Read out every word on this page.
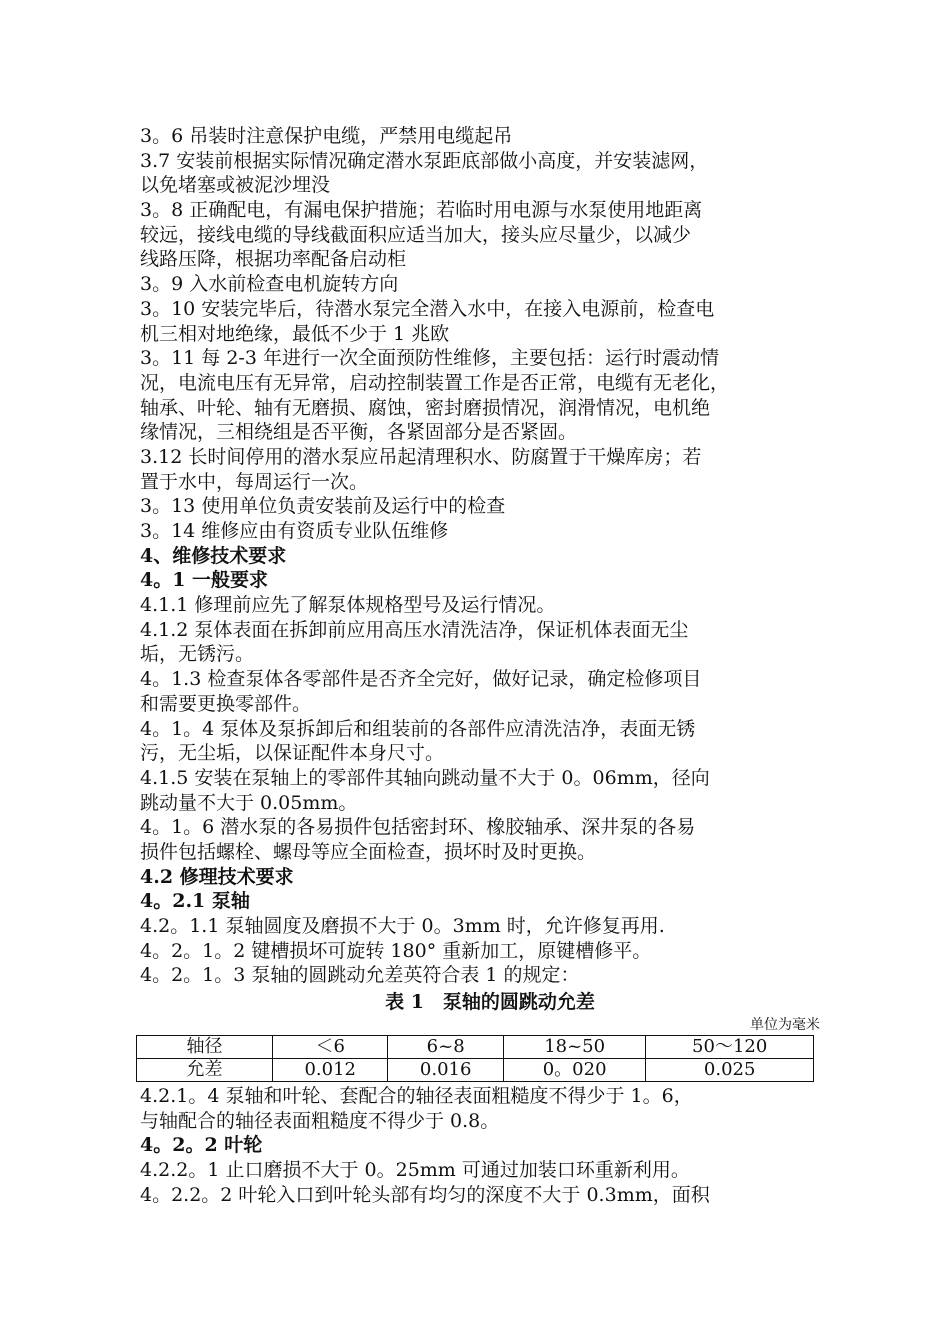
3。6 吊装时注意保护电缆，严禁用电缆起吊
3.7 安装前根据实际情况确定潜水泵距底部做小高度，并安装滤网，
以免堵塞或被泥沙埋没
3。8 正确配电，有漏电保护措施；若临时用电源与水泵使用地距离
较远，接线电缆的导线截面积应适当加大，接头应尽量少，以减少
线路压降，根据功率配备启动柜
3。9 入水前检查电机旋转方向
3。10 安装完毕后，待潜水泵完全潜入水中，在接入电源前，检查电
机三相对地绝缘，最低不少于 1 兆欧
3。11 每 2-3 年进行一次全面预防性维修，主要包括：运行时震动情
况，电流电压有无异常，启动控制装置工作是否正常，电缆有无老化，
轴承、叶轮、轴有无磨损、腐蚀，密封磨损情况，润滑情况，电机绝
缘情况，三相绕组是否平衡，各紧固部分是否紧固。
3.12 长时间停用的潜水泵应吊起清理积水、防腐置于干燥库房；若
置于水中，每周运行一次。
3。13 使用单位负责安装前及运行中的检查
3。14 维修应由有资质专业队伍维修
4、维修技术要求
4。1 一般要求
4.1.1 修理前应先了解泵体规格型号及运行情况。
4.1.2 泵体表面在拆卸前应用高压水清洗洁净，保证机体表面无尘
垢，无锈污。
4。1.3 检查泵体各零部件是否齐全完好，做好记录，确定检修项目
和需要更换零部件。
4。1。4 泵体及泵拆卸后和组装前的各部件应清洗洁净，表面无锈
污，无尘垢，以保证配件本身尺寸。
4.1.5 安装在泵轴上的零部件其轴向跳动量不大于 0。06mm，径向
跳动量不大于 0.05mm。
4。1。6 潜水泵的各易损件包括密封环、橡胶轴承、深井泵的各易
损件包括螺栓、螺母等应全面检查，损坏时及时更换。
4.2 修理技术要求
4。2.1 泵轴
4.2。1.1 泵轴圆度及磨损不大于 0。3mm 时，允许修复再用.
4。2。1。2 键槽损坏可旋转 180° 重新加工，原键槽修平。
4。2。1。3 泵轴的圆跳动允差英符合表 1 的规定：
表 1　泵轴的圆跳动允差
单位为毫米
轴径	＜6	6~8	18~50	50～120
允差	0.012	0.016	0。020	0.025
4.2.1。4 泵轴和叶轮、套配合的轴径表面粗糙度不得少于 1。6，
与轴配合的轴径表面粗糙度不得少于 0.8。
4。2。2 叶轮
4.2.2。1 止口磨损不大于 0。25mm 可通过加装口环重新利用。
4。2.2。2 叶轮入口到叶轮头部有均匀的深度不大于 0.3mm，面积
